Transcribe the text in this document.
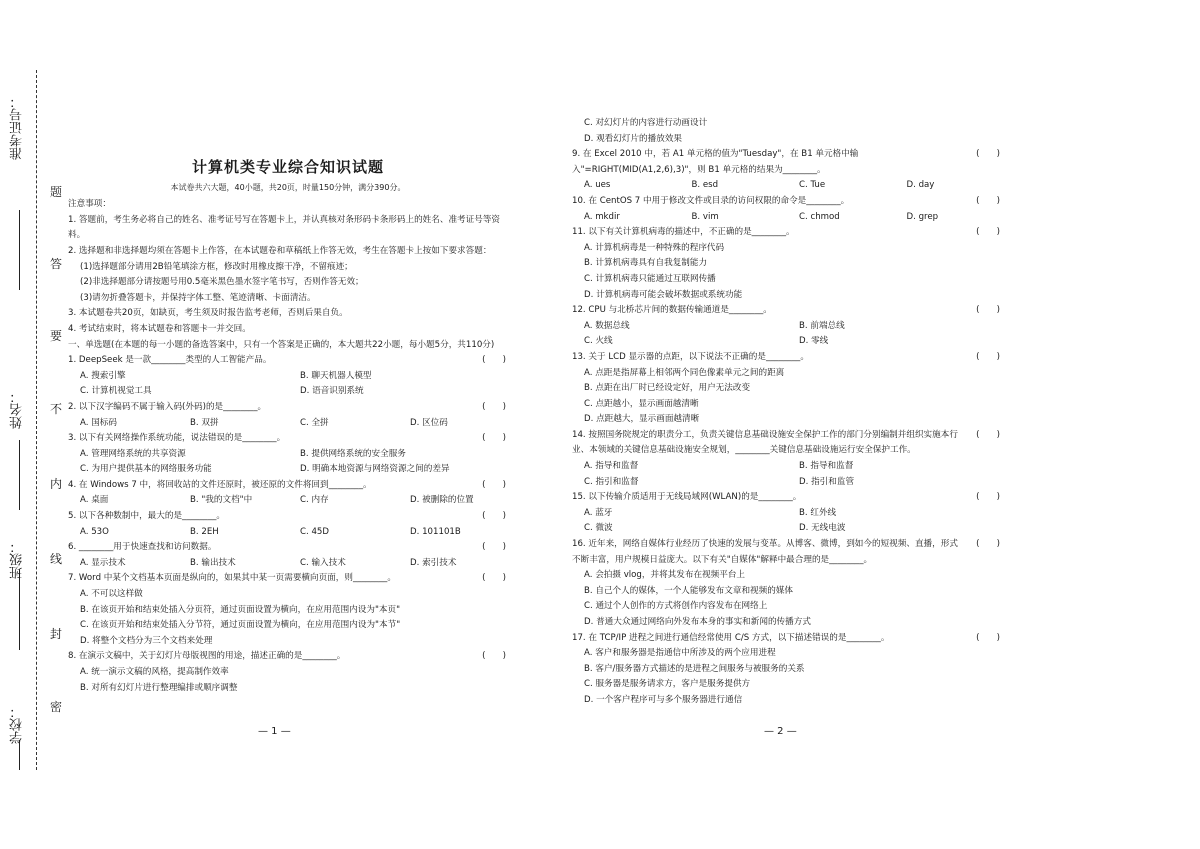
准考证号：
姓名：
班级：
学校：
题
答
要
不
内
线
封
密
计算机类专业综合知识试题
本试卷共六大题，40小题，共20页，时量150分钟，满分390分。
注意事项：
1. 答题前，考生务必将自己的姓名、准考证号写在答题卡上，并认真核对条形码卡条形码上的姓名、准考证号等资料。
2. 选择题和非选择题均须在答题卡上作答，在本试题卷和草稿纸上作答无效，考生在答题卡上按如下要求答题：
(1)选择题部分请用2B铅笔填涂方框，修改时用橡皮擦干净，不留痕迹；
(2)非选择题部分请按题号用0.5毫米黑色墨水签字笔书写，否则作答无效；
(3)请勿折叠答题卡，并保持字体工整、笔迹清晰、卡面清洁。
3. 本试题卷共20页，如缺页，考生须及时报告监考老师，否则后果自负。
4. 考试结束时，将本试题卷和答题卡一并交回。
一、单选题(在本题的每一小题的备选答案中，只有一个答案是正确的，本大题共22小题，每小题5分，共110分)
1. DeepSeek 是一款________类型的人工智能产品。	(　　)
A. 搜索引擎	B. 聊天机器人模型
C. 计算机视觉工具	D. 语音识别系统
2. 以下汉字编码不属于输入码(外码)的是________。	(　　)
A. 国标码	B. 双拼	C. 全拼	D. 区位码
3. 以下有关网络操作系统功能，说法错误的是________。	(　　)
A. 管理网络系统的共享资源	B. 提供网络系统的安全服务
C. 为用户提供基本的网络服务功能	D. 明确本地资源与网络资源之间的差异
4. 在 Windows 7 中，将回收站的文件还原时，被还原的文件将回到________。	(　　)
A. 桌面	B. "我的文档"中	C. 内存	D. 被删除的位置
5. 以下各种数制中，最大的是________。	(　　)
A. 53O	B. 2EH	C. 45D	D. 101101B
6. ________用于快速查找和访问数据。	(　　)
A. 显示技术	B. 输出技术	C. 输入技术	D. 索引技术
7. Word 中某个文档基本页面是纵向的，如果其中某一页需要横向页面，则________。	(　　)
A. 不可以这样做
B. 在该页开始和结束处插入分页符，通过页面设置为横向，在应用范围内设为"本页"
C. 在该页开始和结束处插入分节符，通过页面设置为横向，在应用范围内设为"本节"
D. 将整个文档分为三个文档来处理
8. 在演示文稿中，关于幻灯片母版视图的用途，描述正确的是________。	(　　)
A. 统一演示文稿的风格，提高制作效率
B. 对所有幻灯片进行整理编排或顺序调整
— 1 —
C. 对幻灯片的内容进行动画设计
D. 观看幻灯片的播放效果
9. 在 Excel 2010 中，若 A1 单元格的值为"Tuesday"，在 B1 单元格中输入"=RIGHT(MID(A1,2,6),3)"，则 B1 单元格的结果为________。
(　　)
A. ues	B. esd	C. Tue	D. day
10. 在 CentOS 7 中用于修改文件或目录的访问权限的命令是________。	(　　)
A. mkdir	B. vim	C. chmod	D. grep
11. 以下有关计算机病毒的描述中，不正确的是________。	(　　)
A. 计算机病毒是一种特殊的程序代码
B. 计算机病毒具有自我复制能力
C. 计算机病毒只能通过互联网传播
D. 计算机病毒可能会破坏数据或系统功能
12. CPU 与北桥芯片间的数据传输通道是________。	(　　)
A. 数据总线	B. 前端总线
C. 火线	D. 零线
13. 关于 LCD 显示器的点距，以下说法不正确的是________。	(　　)
A. 点距是指屏幕上相邻两个同色像素单元之间的距离
B. 点距在出厂时已经设定好，用户无法改变
C. 点距越小，显示画面越清晰
D. 点距越大，显示画面越清晰
14. 按照国务院规定的职责分工，负责关键信息基础设施安全保护工作的部门分别编制并组织实施本行业、本领域的关键信息基础设施安全规划，________关键信息基础设施运行安全保护工作。
(　　)
A. 指导和监督	B. 指导和监督
C. 指引和监督	D. 指引和监管
15. 以下传输介质适用于无线局域网(WLAN)的是________。	(　　)
A. 蓝牙	B. 红外线
C. 微波	D. 无线电波
16. 近年来，网络自媒体行业经历了快速的发展与变革。从博客、微博，到如今的短视频、直播，形式不断丰富，用户规模日益庞大。以下有关"自媒体"解释中最合理的是________。
(　　)
A. 会拍摄 vlog，并将其发布在视频平台上
B. 自己个人的媒体，一个人能够发布文章和视频的媒体
C. 通过个人创作的方式将创作内容发布在网络上
D. 普通大众通过网络向外发布本身的事实和新闻的传播方式
17. 在 TCP/IP 进程之间进行通信经常使用 C/S 方式，以下描述错误的是________。	(　　)
A. 客户和服务器是指通信中所涉及的两个应用进程
B. 客户/服务器方式描述的是进程之间服务与被服务的关系
C. 服务器是服务请求方，客户是服务提供方
D. 一个客户程序可与多个服务器进行通信
— 2 —
